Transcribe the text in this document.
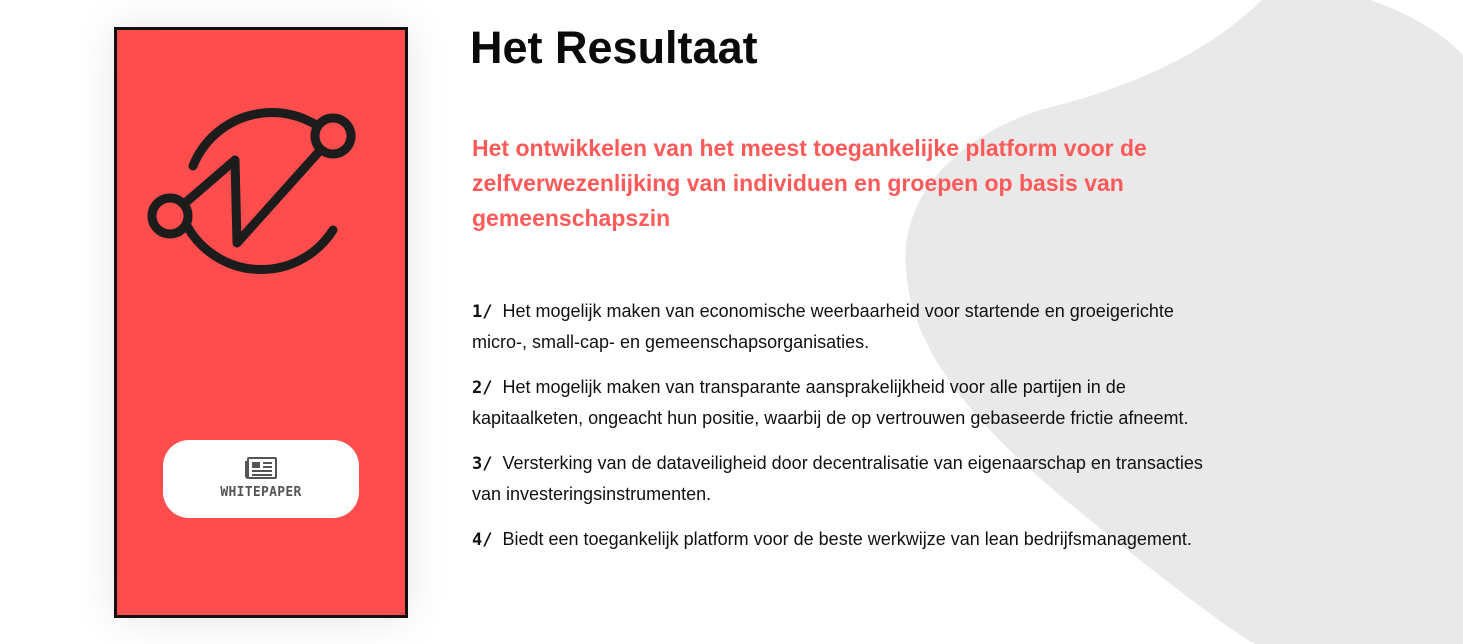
WHITEPAPER
Het Resultaat

Het ontwikkelen van het meest toegankelijke platform voor de zelfverwezenlijking van individuen en groepen op basis van gemeenschapszin

1/ Het mogelijk maken van economische weerbaarheid voor startende en groeigerichte micro-, small-cap- en gemeenschapsorganisaties.
2/ Het mogelijk maken van transparante aansprakelijkheid voor alle partijen in de kapitaalketen, ongeacht hun positie, waarbij de op vertrouwen gebaseerde frictie afneemt.
3/ Versterking van de dataveiligheid door decentralisatie van eigenaarschap en transacties van investeringsinstrumenten.
4/ Biedt een toegankelijk platform voor de beste werkwijze van lean bedrijfsmanagement.
